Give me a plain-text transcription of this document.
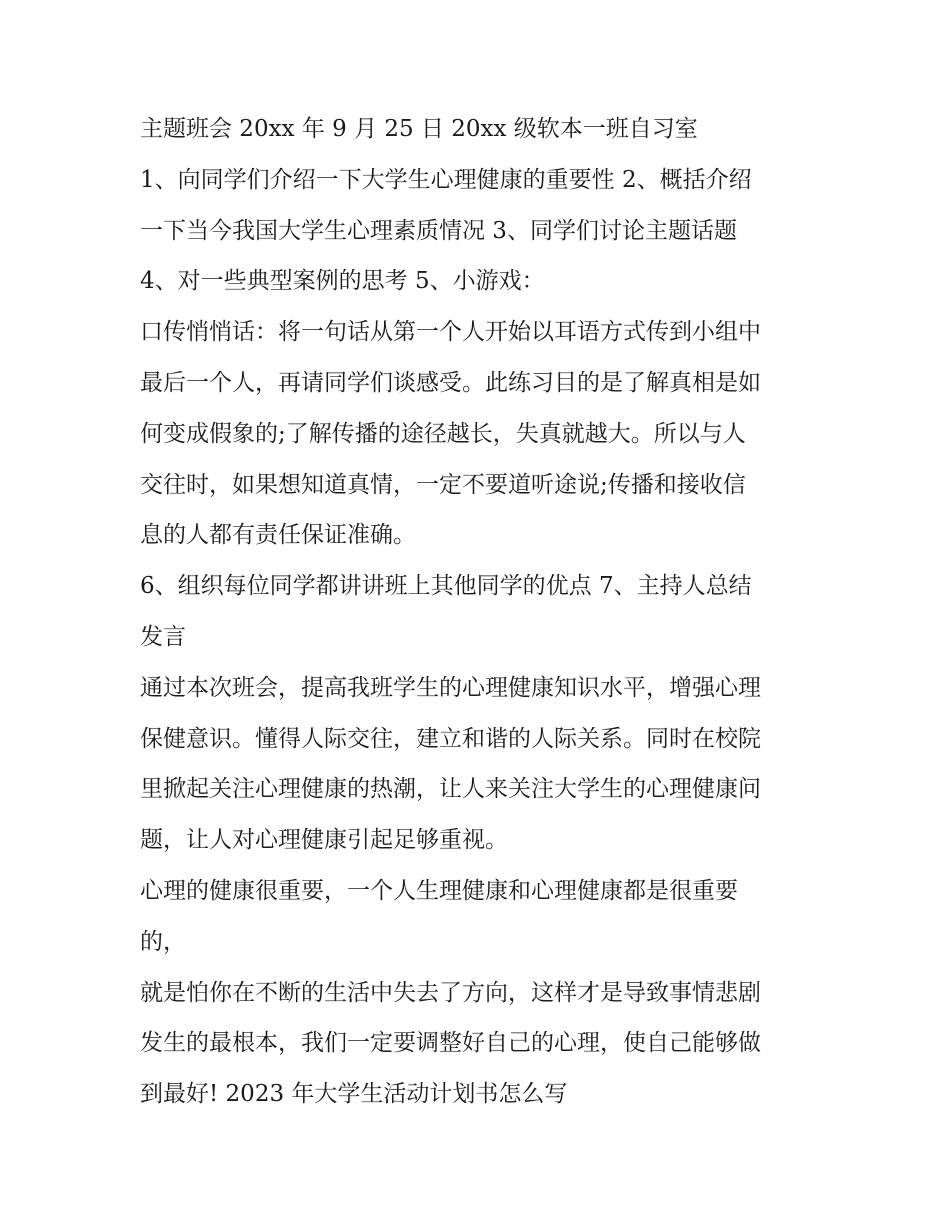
主题班会 20xx 年 9 月 25 日 20xx 级软本一班自习室
1、向同学们介绍一下大学生心理健康的重要性 2、概括介绍
一下当今我国大学生心理素质情况 3、同学们讨论主题话题
4、对一些典型案例的思考 5、小游戏：
口传悄悄话：将一句话从第一个人开始以耳语方式传到小组中
最后一个人，再请同学们谈感受。此练习目的是了解真相是如
何变成假象的;了解传播的途径越长，失真就越大。所以与人
交往时，如果想知道真情，一定不要道听途说;传播和接收信
息的人都有责任保证准确。
6、组织每位同学都讲讲班上其他同学的优点 7、主持人总结
发言
通过本次班会，提高我班学生的心理健康知识水平，增强心理
保健意识。懂得人际交往，建立和谐的人际关系。同时在校院
里掀起关注心理健康的热潮，让人来关注大学生的心理健康问
题，让人对心理健康引起足够重视。
心理的健康很重要，一个人生理健康和心理健康都是很重要
的，
就是怕你在不断的生活中失去了方向，这样才是导致事情悲剧
发生的最根本，我们一定要调整好自己的心理，使自己能够做
到最好! 2023 年大学生活动计划书怎么写
